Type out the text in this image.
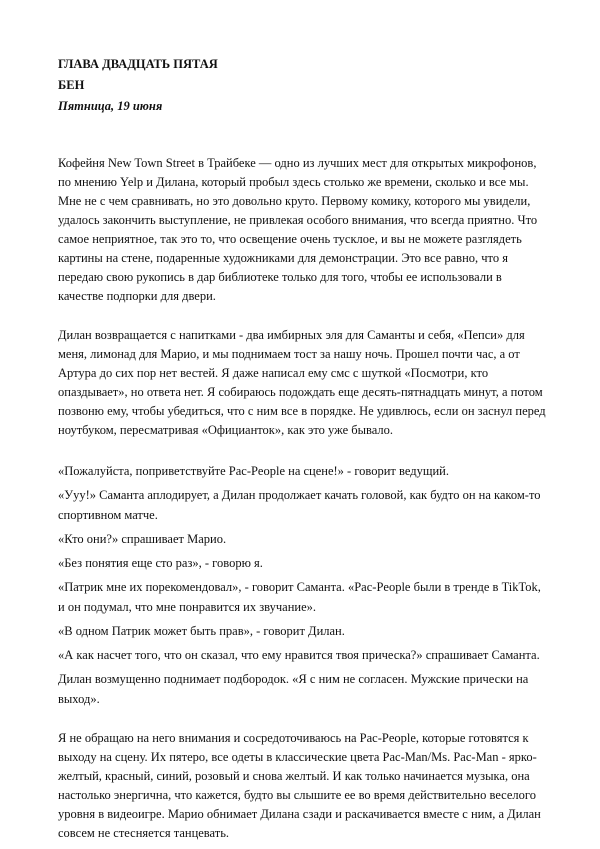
ГЛАВА ДВАДЦАТЬ ПЯТАЯ

БЕН

Пятница, 19 июня

Кофейня New Town Street в Трайбеке — одно из лучших мест для открытых микрофонов, по мнению Yelp и Дилана, который пробыл здесь столько же времени, сколько и все мы. Мне не с чем сравнивать, но это довольно круто. Первому комику, которого мы увидели, удалось закончить выступление, не привлекая особого внимания, что всегда приятно. Что самое неприятное, так это то, что освещение очень тусклое, и вы не можете разглядеть картины на стене, подаренные художниками для демонстрации. Это все равно, что я передаю свою рукопись в дар библиотеке только для того, чтобы ее использовали в качестве подпорки для двери.

Дилан возвращается с напитками - два имбирных эля для Саманты и себя, «Пепси» для меня, лимонад для Марио, и мы поднимаем тост за нашу ночь. Прошел почти час, а от Артура до сих пор нет вестей. Я даже написал ему смс с шуткой «Посмотри, кто опаздывает», но ответа нет. Я собираюсь подождать еще десять-пятнадцать минут, а потом позвоню ему, чтобы убедиться, что с ним все в порядке. Не удивлюсь, если он заснул перед ноутбуком, пересматривая «Официанток», как это уже бывало.

«Пожалуйста, поприветствуйте Pac-People на сцене!» - говорит ведущий.

«Ууу!» Саманта аплодирует, а Дилан продолжает качать головой, как будто он на каком-то спортивном матче.

«Кто они?» спрашивает Марио.

«Без понятия еще сто раз», - говорю я.

«Патрик мне их порекомендовал», - говорит Саманта. «Pac-People были в тренде в TikTok, и он подумал, что мне понравится их звучание».

«В одном Патрик может быть прав», - говорит Дилан.

«А как насчет того, что он сказал, что ему нравится твоя прическа?» спрашивает Саманта.

Дилан возмущенно поднимает подбородок. «Я с ним не согласен. Мужские прически на выход».

Я не обращаю на него внимания и сосредоточиваюсь на Pac-People, которые готовятся к выходу на сцену. Их пятеро, все одеты в классические цвета Pac-Man/Ms. Pac-Man - ярко-желтый, красный, синий, розовый и снова желтый. И как только начинается музыка, она настолько энергична, что кажется, будто вы слышите ее во время действительно веселого уровня в видеоигре. Марио обнимает Дилана сзади и раскачивается вместе с ним, а Дилан совсем не стесняется танцевать.
